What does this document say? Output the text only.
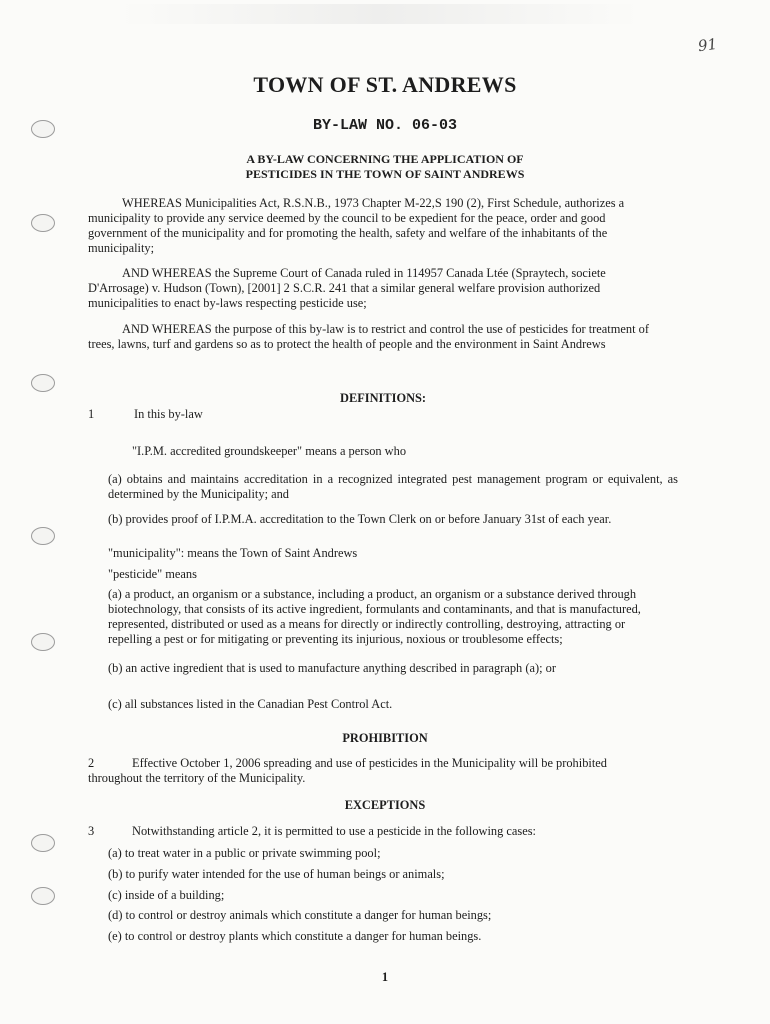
91
TOWN OF ST. ANDREWS
BY-LAW NO. 06-03
A BY-LAW CONCERNING THE APPLICATION OF
PESTICIDES IN THE TOWN OF SAINT ANDREWS

WHEREAS Municipalities Act, R.S.N.B., 1973 Chapter M-22,S 190 (2), First Schedule, authorizes a municipality to provide any service deemed by the council to be expedient for the peace, order and good government of the municipality and for promoting the health, safety and welfare of the inhabitants of the municipality;

AND WHEREAS the Supreme Court of Canada ruled in 114957 Canada Ltée (Spraytech, societe D'Arrosage) v. Hudson (Town), [2001] 2 S.C.R. 241 that a similar general welfare provision authorized municipalities to enact by-laws respecting pesticide use;

AND WHEREAS the purpose of this by-law is to restrict and control the use of pesticides for treatment of trees, lawns, turf and gardens so as to protect the health of people and the environment in Saint Andrews

DEFINITIONS:
1	In this by-law

"I.P.M. accredited groundskeeper" means a person who

(a) obtains and maintains accreditation in a recognized integrated pest management program or equivalent, as determined by the Municipality; and

(b) provides proof of I.P.M.A. accreditation to the Town Clerk on or before January 31st of each year.

"municipality": means the Town of Saint Andrews

"pesticide" means

(a) a product, an organism or a substance, including a product, an organism or a substance derived through biotechnology, that consists of its active ingredient, formulants and contaminants, and that is manufactured, represented, distributed or used as a means for directly or indirectly controlling, destroying, attracting or repelling a pest or for mitigating or preventing its injurious, noxious or troublesome effects;

(b) an active ingredient that is used to manufacture anything described in paragraph (a); or

(c) all substances listed in the Canadian Pest Control Act.

PROHIBITION
2	Effective October 1, 2006 spreading and use of pesticides in the Municipality will be prohibited throughout the territory of the Municipality.

EXCEPTIONS
3	Notwithstanding article 2, it is permitted to use a pesticide in the following cases:
(a) to treat water in a public or private swimming pool;
(b) to purify water intended for the use of human beings or animals;
(c) inside of a building;
(d) to control or destroy animals which constitute a danger for human beings;
(e) to control or destroy plants which constitute a danger for human beings.
1
